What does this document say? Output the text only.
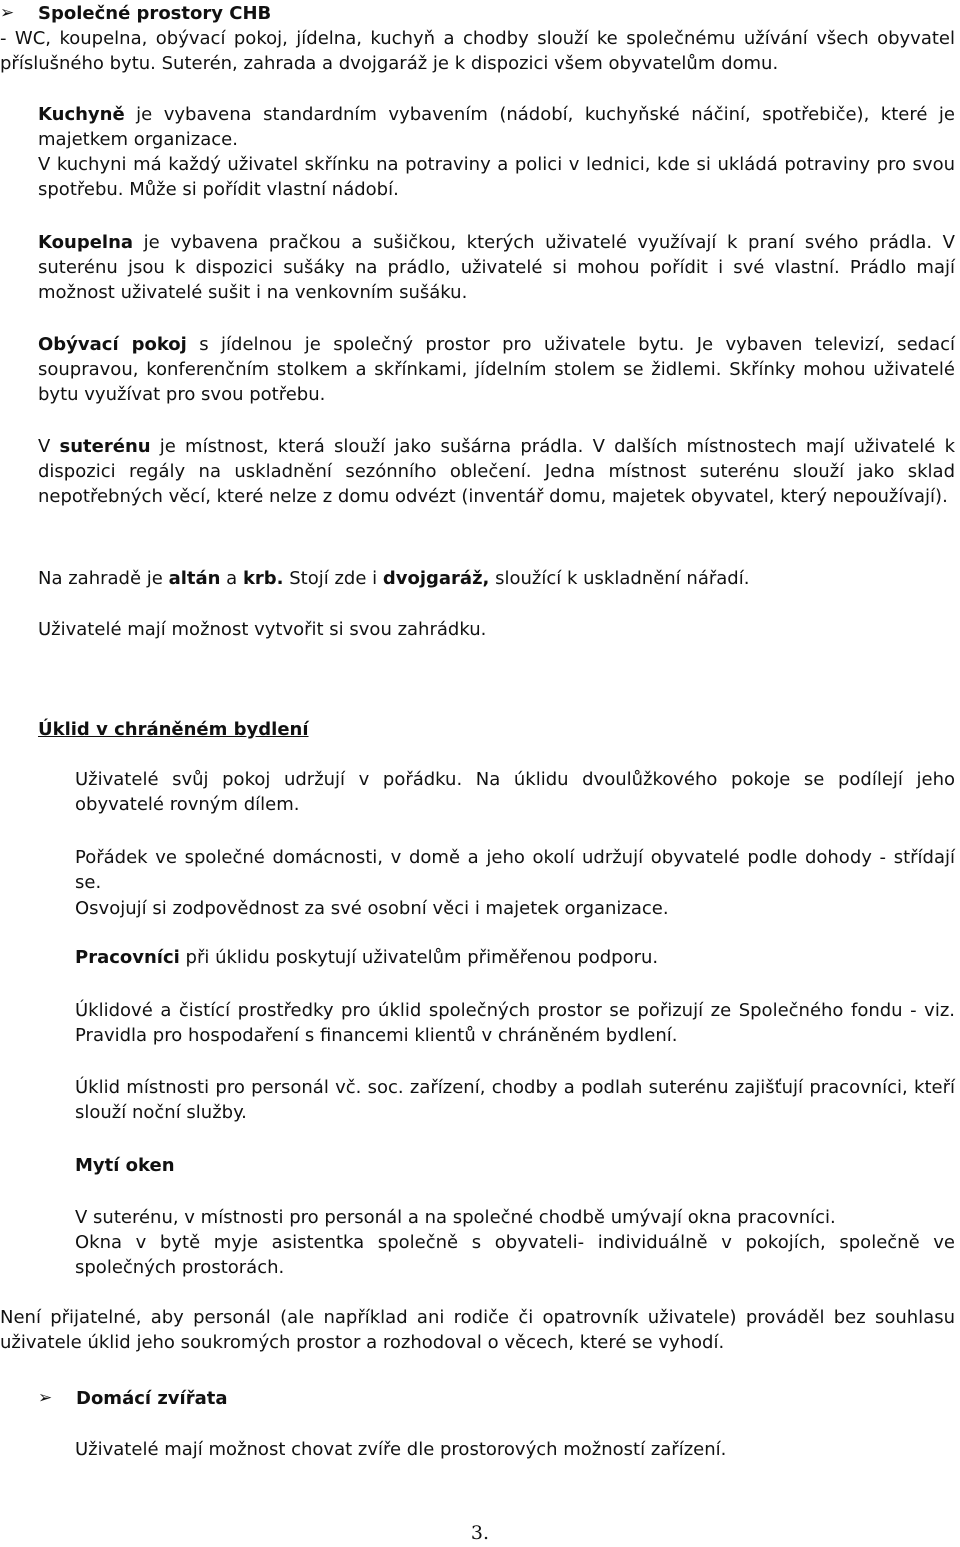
➢	Společné prostory CHB

- WC, koupelna, obývací pokoj, jídelna, kuchyň a chodby slouží ke společnému užívání všech obyvatel příslušného bytu. Suterén, zahrada a dvojgaráž je k dispozici všem obyvatelům domu.

Kuchyně je vybavena standardním vybavením (nádobí, kuchyňské náčiní, spotřebiče), které je majetkem organizace.

V kuchyni má každý uživatel skřínku na potraviny a polici v lednici, kde si ukládá potraviny pro svou spotřebu. Může si pořídit vlastní nádobí.

Koupelna je vybavena pračkou a sušičkou, kterých uživatelé využívají k praní svého prádla. V suterénu jsou k dispozici sušáky na prádlo, uživatelé si mohou pořídit i své vlastní. Prádlo mají možnost uživatelé sušit i na venkovním sušáku.

Obývací pokoj s jídelnou je společný prostor pro uživatele bytu. Je vybaven televizí, sedací soupravou, konferenčním stolkem a skřínkami, jídelním stolem se židlemi. Skřínky mohou uživatelé bytu využívat pro svou potřebu.

V suterénu je místnost, která slouží jako sušárna prádla. V dalších místnostech mají uživatelé k dispozici regály na uskladnění sezónního oblečení. Jedna místnost suterénu slouží jako sklad nepotřebných věcí, které nelze z domu odvézt (inventář domu, majetek obyvatel, který nepoužívají).

Na zahradě je altán a krb. Stojí zde i dvojgaráž, sloužící k uskladnění nářadí.

Uživatelé mají možnost vytvořit si svou zahrádku.

Úklid v chráněném bydlení

Uživatelé svůj pokoj udržují v pořádku. Na úklidu dvoulůžkového pokoje se podílejí jeho obyvatelé rovným dílem.

Pořádek ve společné domácnosti, v domě a jeho okolí udržují obyvatelé podle dohody - střídají se.

Osvojují si zodpovědnost za své osobní věci i majetek organizace.

Pracovníci při úklidu poskytují uživatelům přiměřenou podporu.

Úklidové a čistící prostředky pro úklid společných prostor se pořizují ze Společného fondu - viz. Pravidla pro hospodaření s financemi klientů v chráněném bydlení.

Úklid místnosti pro personál vč. soc. zařízení, chodby a podlah suterénu zajišťují pracovníci, kteří slouží noční služby.

Mytí oken

V suterénu, v místnosti pro personál a na společné chodbě umývají okna pracovníci.

Okna v bytě myje asistentka společně s obyvateli- individuálně v pokojích, společně ve společných prostorách.

Není přijatelné, aby personál (ale například ani rodiče či opatrovník uživatele) prováděl bez souhlasu uživatele úklid jeho soukromých prostor a rozhodoval o věcech, které se vyhodí.

➢	Domácí zvířata

Uživatelé mají možnost chovat zvíře dle prostorových možností zařízení.

3.
